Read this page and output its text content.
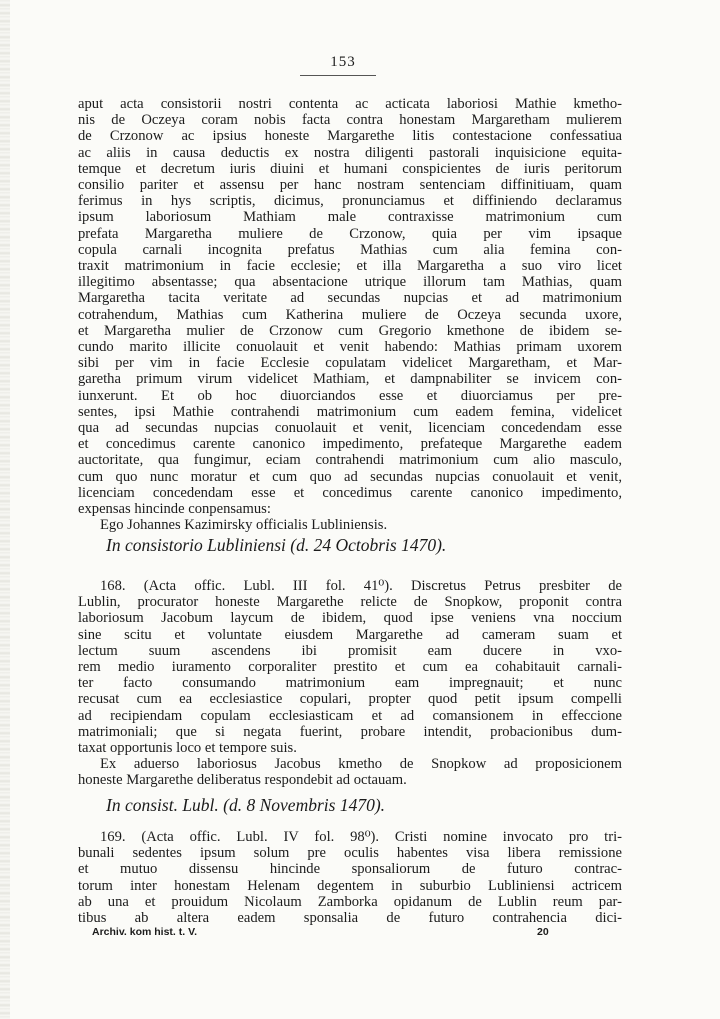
153
aput acta consistorii nostri contenta ac acticata laboriosi Mathie kmetho-
nis de Oczeya coram nobis facta contra honestam Margaretham mulierem
de Crzonow ac ipsius honeste Margarethe litis contestacione confessatiua
ac aliis in causa deductis ex nostra diligenti pastorali inquisicione equita-
temque et decretum iuris diuini et humani conspicientes de iuris peritorum
consilio pariter et assensu per hanc nostram sentenciam diffinitiuam, quam
ferimus in hys scriptis, dicimus, pronunciamus et diffiniendo declaramus
ipsum laboriosum Mathiam male contraxisse matrimonium cum
prefata Margaretha muliere de Crzonow, quia per vim ipsaque
copula carnali incognita prefatus Mathias cum alia femina con-
traxit matrimonium in facie ecclesie; et illa Margaretha a suo viro licet
illegitimo absentasse; qua absentacione utrique illorum tam Mathias, quam
Margaretha tacita veritate ad secundas nupcias et ad matrimonium
cotrahendum, Mathias cum Katherina muliere de Oczeya secunda uxore,
et Margaretha mulier de Crzonow cum Gregorio kmethone de ibidem se-
cundo marito illicite conuolauit et venit habendo: Mathias primam uxorem
sibi per vim in facie Ecclesie copulatam videlicet Margaretham, et Mar-
garetha primum virum videlicet Mathiam, et dampnabiliter se invicem con-
iunxerunt. Et ob hoc diuorciandos esse et diuorciamus per pre-
sentes, ipsi Mathie contrahendi matrimonium cum eadem femina, videlicet
qua ad secundas nupcias conuolauit et venit, licenciam concedendam esse
et concedimus carente canonico impedimento, prefateque Margarethe eadem
auctoritate, qua fungimur, eciam contrahendi matrimonium cum alio masculo,
cum quo nunc moratur et cum quo ad secundas nupcias conuolauit et venit,
licenciam concedendam esse et concedimus carente canonico impedimento,
expensas hincinde conpensamus:
Ego Johannes Kazimirsky officialis Lubliniensis.
In consistorio Lubliniensi (d. 24 Octobris 1470).
168. (Acta offic. Lubl. III fol. 41⁰). Discretus Petrus presbiter de
Lublin, procurator honeste Margarethe relicte de Snopkow, proponit contra
laboriosum Jacobum laycum de ibidem, quod ipse veniens vna noccium
sine scitu et voluntate eiusdem Margarethe ad cameram suam et
lectum suum ascendens ibi promisit eam ducere in vxo-
rem medio iuramento corporaliter prestito et cum ea cohabitauit carnali-
ter facto consumando matrimonium eam impregnauit; et nunc
recusat cum ea ecclesiastice copulari, propter quod petit ipsum compelli
ad recipiendam copulam ecclesiasticam et ad comansionem in effeccione
matrimoniali; que si negata fuerint, probare intendit, probacionibus dum-
taxat opportunis loco et tempore suis.
Ex aduerso laboriosus Jacobus kmetho de Snopkow ad proposicionem
honeste Margarethe deliberatus respondebit ad octauam.
In consist. Lubl. (d. 8 Novembris 1470).
169. (Acta offic. Lubl. IV fol. 98⁰). Cristi nomine invocato pro tri-
bunali sedentes ipsum solum pre oculis habentes visa libera remissione
et mutuo dissensu hincinde sponsaliorum de futuro contrac-
torum inter honestam Helenam degentem in suburbio Lubliniensi actricem
ab una et prouidum Nicolaum Zamborka opidanum de Lublin reum par-
tibus ab altera eadem sponsalia de futuro contrahencia dici-
Archiv. kom hist. t. V.	20
